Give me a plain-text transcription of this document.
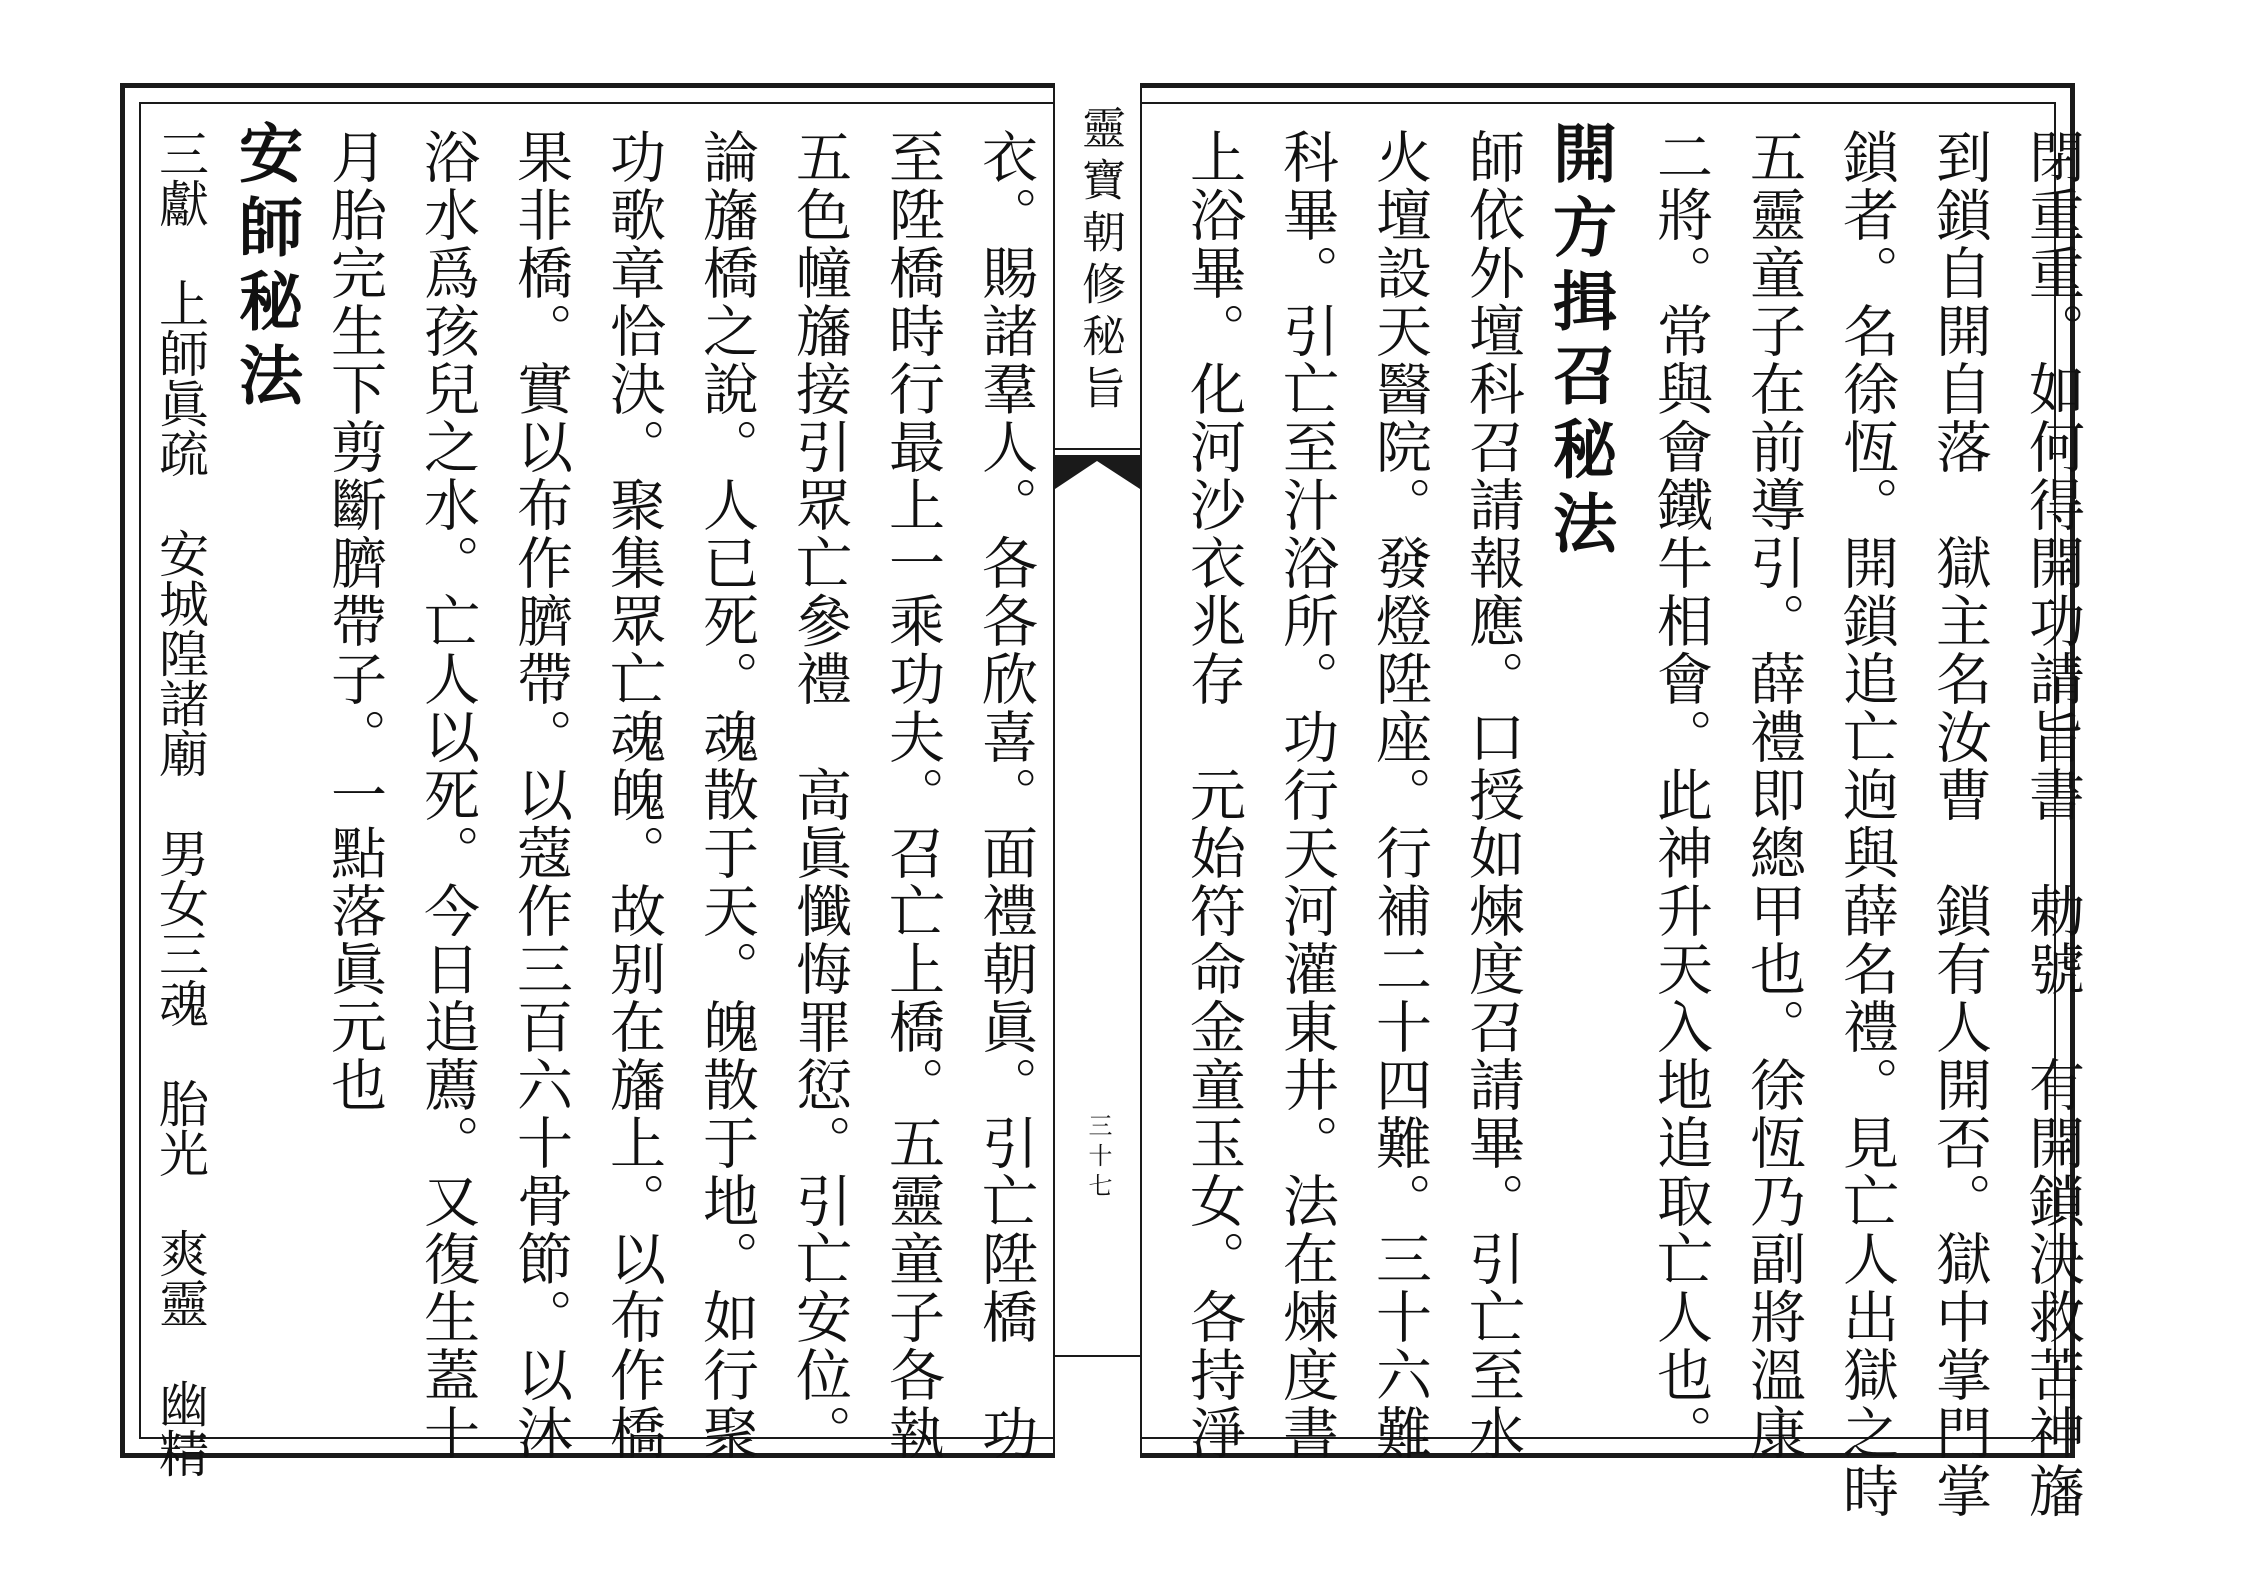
靈寶朝修秘旨
三十七	閉重重。如何得開功請旨書　勅號　有開鎖決救苦神旛
到鎖自開自落　獄主名汝曹　鎖有人開否。獄中掌門掌
鎖者。名徐恆。開鎖追亡逈與薛名禮。見亡人出獄之時
五靈童子在前導引。薛禮即總甲也。徐恆乃副將溫康
二將。常與會鐵牛相會。此神升天入地追取亡人也。
開方揖召秘法
師依外壇科召請報應。口授如煉度召請畢。引亡至水
火壇設天醫院。發燈陞座。行補二十四難。三十六難
科畢。引亡至汁浴所。功行天河灌東井。法在煉度書
上浴畢。化河沙衣兆存　元始符命金童玉女。各持淨
衣。賜諸羣人。各各欣喜。面禮朝眞。引亡陞橋　功
至陞橋時行最上一乘功夫。召亡上橋。五靈童子各執
五色幢旛接引眾亡參禮　高眞懺悔罪愆。引亡安位。
論旛橋之說。人已死。魂散于天。魄散于地。如行聚
功歌章恰決。聚集眾亡魂魄。故别在旛上。以布作橋
果非橋。實以布作臍帶。以蔻作三百六十骨節。以沐
浴水爲孩兒之水。亡人以死。今日追薦。又復生蓋十
月胎完生下剪斷臍帶子。一點落眞元也
安師秘法
三獻　上師眞疏　安城隍諸廟　男女三魂　胎光　爽靈　幽精
